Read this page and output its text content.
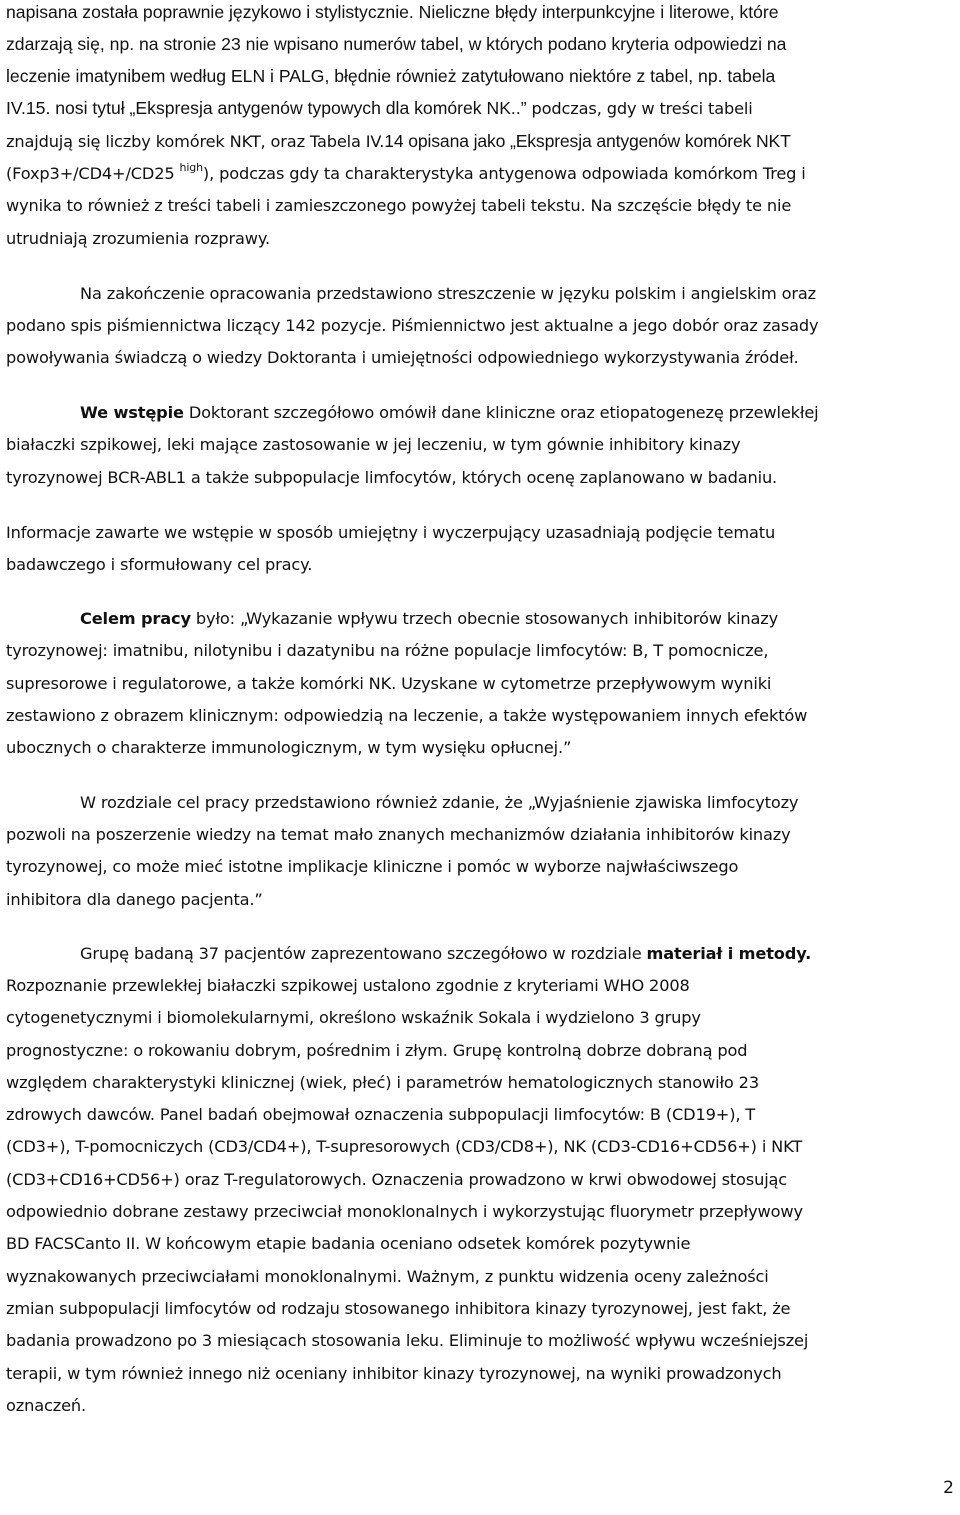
napisana została poprawnie językowo i stylistycznie. Nieliczne błędy interpunkcyjne i literowe, które
zdarzają się, np. na stronie 23 nie wpisano numerów tabel, w których podano kryteria odpowiedzi na
leczenie imatynibem według ELN i PALG, błędnie również zatytułowano niektóre z tabel, np. tabela
IV.15. nosi tytuł „Ekspresja antygenów typowych dla komórek NK..” podczas, gdy w treści tabeli
znajdują się liczby komórek NKT, oraz Tabela IV.14 opisana jako „Ekspresja antygenów komórek NKT
(Foxp3+/CD4+/CD25 $^{high}$), podczas gdy ta charakterystyka antygenowa odpowiada komórkom Treg i
wynika to również z treści tabeli i zamieszczonego powyżej tabeli tekstu. Na szczęście błędy te nie
utrudniają zrozumienia rozprawy.
Na zakończenie opracowania przedstawiono streszczenie w języku polskim i angielskim oraz
podano spis piśmiennictwa liczący 142 pozycje. Piśmiennictwo jest aktualne a jego dobór oraz zasady
powoływania świadczą o wiedzy Doktoranta i umiejętności odpowiedniego wykorzystywania źródeł.
We wstępie Doktorant szczegółowo omówił dane kliniczne oraz etiopatogenezę przewlekłej
białaczki szpikowej, leki mające zastosowanie w jej leczeniu, w tym gównie inhibitory kinazy
tyrozynowej BCR-ABL1 a także subpopulacje limfocytów, których ocenę zaplanowano w badaniu.
Informacje zawarte we wstępie w sposób umiejętny i wyczerpujący uzasadniają podjęcie tematu
badawczego i sformułowany cel pracy.
Celem pracy było: „Wykazanie wpływu trzech obecnie stosowanych inhibitorów kinazy
tyrozynowej: imatnibu, nilotynibu i dazatynibu na różne populacje limfocytów: B, T pomocnicze,
supresorowe i regulatorowe, a także komórki NK. Uzyskane w cytometrze przepływowym wyniki
zestawiono z obrazem klinicznym: odpowiedzią na leczenie, a także występowaniem innych efektów
ubocznych o charakterze immunologicznym, w tym wysięku opłucnej.”
W rozdziale cel pracy przedstawiono również zdanie, że „Wyjaśnienie zjawiska limfocytozy
pozwoli na poszerzenie wiedzy na temat mało znanych mechanizmów działania inhibitorów kinazy
tyrozynowej, co może mieć istotne implikacje kliniczne i pomóc w wyborze najwłaściwszego
inhibitora dla danego pacjenta.”
Grupę badaną 37 pacjentów zaprezentowano szczegółowo w rozdziale materiał i metody.
Rozpoznanie przewlekłej białaczki szpikowej ustalono zgodnie z kryteriami WHO 2008
cytogenetycznymi i biomolekularnymi, określono wskaźnik Sokala i wydzielono 3 grupy
prognostyczne: o rokowaniu dobrym, pośrednim i złym. Grupę kontrolną dobrze dobraną pod
względem charakterystyki klinicznej (wiek, płeć) i parametrów hematologicznych stanowiło 23
zdrowych dawców. Panel badań obejmował oznaczenia subpopulacji limfocytów: B (CD19+), T
(CD3+), T-pomocniczych (CD3/CD4+), T-supresorowych (CD3/CD8+), NK (CD3-CD16+CD56+) i NKT
(CD3+CD16+CD56+) oraz T-regulatorowych. Oznaczenia prowadzono w krwi obwodowej stosując
odpowiednio dobrane zestawy przeciwciał monoklonalnych i wykorzystując fluorymetr przepływowy
BD FACSCanto II. W końcowym etapie badania oceniano odsetek komórek pozytywnie
wyznakowanych przeciwciałami monoklonalnymi. Ważnym, z punktu widzenia oceny zależności
zmian subpopulacji limfocytów od rodzaju stosowanego inhibitora kinazy tyrozynowej, jest fakt, że
badania prowadzono po 3 miesiącach stosowania leku. Eliminuje to możliwość wpływu wcześniejszej
terapii, w tym również innego niż oceniany inhibitor kinazy tyrozynowej, na wyniki prowadzonych
oznaczeń.
2
